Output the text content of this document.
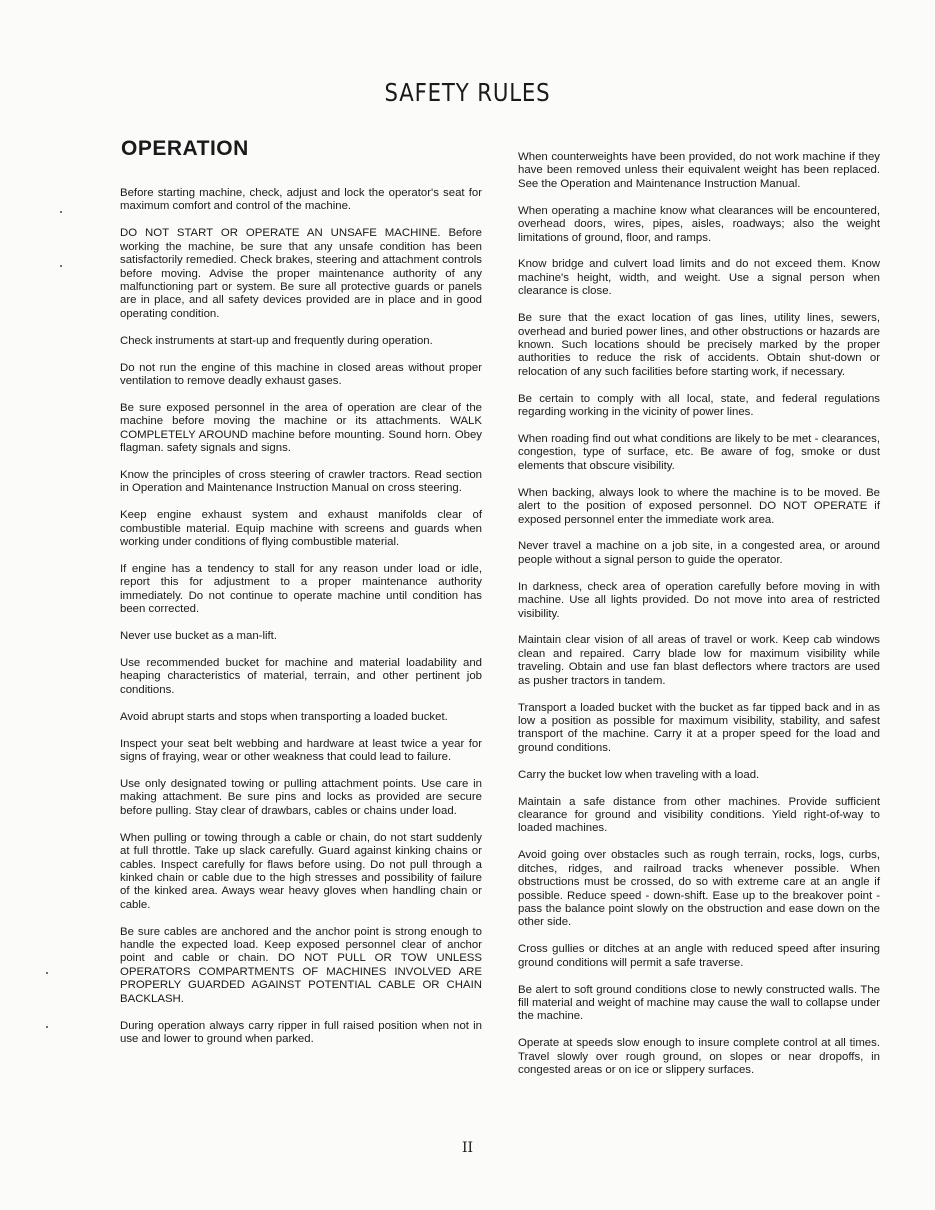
SAFETY RULES
OPERATION

Before starting machine, check, adjust and lock the operator's seat for maximum comfort and control of the machine.

DO NOT START OR OPERATE AN UNSAFE MACHINE. Before working the machine, be sure that any unsafe condition has been satisfactorily remedied. Check brakes, steering and attachment controls before moving. Advise the proper maintenance authority of any malfunctioning part or system. Be sure all protective guards or panels are in place, and all safety devices provided are in place and in good operating condition.

Check instruments at start-up and frequently during operation.

Do not run the engine of this machine in closed areas without proper ventilation to remove deadly exhaust gases.

Be sure exposed personnel in the area of operation are clear of the machine before moving the machine or its attachments. WALK COMPLETELY AROUND machine before mounting. Sound horn. Obey flagman. safety signals and signs.

Know the principles of cross steering of crawler tractors. Read section in Operation and Maintenance Instruction Manual on cross steering.

Keep engine exhaust system and exhaust manifolds clear of combustible material. Equip machine with screens and guards when working under conditions of flying combustible material.

If engine has a tendency to stall for any reason under load or idle, report this for adjustment to a proper maintenance authority immediately. Do not continue to operate machine until condition has been corrected.

Never use bucket as a man-lift.

Use recommended bucket for machine and material loadability and heaping characteristics of material, terrain, and other pertinent job conditions.

Avoid abrupt starts and stops when transporting a loaded bucket.

Inspect your seat belt webbing and hardware at least twice a year for signs of fraying, wear or other weakness that could lead to failure.

Use only designated towing or pulling attachment points. Use care in making attachment. Be sure pins and locks as provided are secure before pulling. Stay clear of drawbars, cables or chains under load.

When pulling or towing through a cable or chain, do not start suddenly at full throttle. Take up slack carefully. Guard against kinking chains or cables. Inspect carefully for flaws before using. Do not pull through a kinked chain or cable due to the high stresses and possibility of failure of the kinked area. Aways wear heavy gloves when handling chain or cable.

Be sure cables are anchored and the anchor point is strong enough to handle the expected load. Keep exposed personnel clear of anchor point and cable or chain. DO NOT PULL OR TOW UNLESS OPERATORS COMPARTMENTS OF MACHINES INVOLVED ARE PROPERLY GUARDED AGAINST POTENTIAL CABLE OR CHAIN BACKLASH.

During operation always carry ripper in full raised position when not in use and lower to ground when parked.

When counterweights have been provided, do not work machine if they have been removed unless their equivalent weight has been replaced. See the Operation and Maintenance Instruction Manual.

When operating a machine know what clearances will be encountered, overhead doors, wires, pipes, aisles, roadways; also the weight limitations of ground, floor, and ramps.

Know bridge and culvert load limits and do not exceed them. Know machine's height, width, and weight. Use a signal person when clearance is close.

Be sure that the exact location of gas lines, utility lines, sewers, overhead and buried power lines, and other obstructions or hazards are known. Such locations should be precisely marked by the proper authorities to reduce the risk of accidents. Obtain shut-down or relocation of any such facilities before starting work, if necessary.

Be certain to comply with all local, state, and federal regulations regarding working in the vicinity of power lines.

When roading find out what conditions are likely to be met - clearances, congestion, type of surface, etc. Be aware of fog, smoke or dust elements that obscure visibility.

When backing, always look to where the machine is to be moved. Be alert to the position of exposed personnel. DO NOT OPERATE if exposed personnel enter the immediate work area.

Never travel a machine on a job site, in a congested area, or around people without a signal person to guide the operator.

In darkness, check area of operation carefully before moving in with machine. Use all lights provided. Do not move into area of restricted visibility.

Maintain clear vision of all areas of travel or work. Keep cab windows clean and repaired. Carry blade low for maximum visibility while traveling. Obtain and use fan blast deflectors where tractors are used as pusher tractors in tandem.

Transport a loaded bucket with the bucket as far tipped back and in as low a position as possible for maximum visibility, stability, and safest transport of the machine. Carry it at a proper speed for the load and ground conditions.

Carry the bucket low when traveling with a load.

Maintain a safe distance from other machines. Provide sufficient clearance for ground and visibility conditions. Yield right-of-way to loaded machines.

Avoid going over obstacles such as rough terrain, rocks, logs, curbs, ditches, ridges, and railroad tracks whenever possible. When obstructions must be crossed, do so with extreme care at an angle if possible. Reduce speed - down-shift. Ease up to the breakover point - pass the balance point slowly on the obstruction and ease down on the other side.

Cross gullies or ditches at an angle with reduced speed after insuring ground conditions will permit a safe traverse.

Be alert to soft ground conditions close to newly constructed walls. The fill material and weight of machine may cause the wall to collapse under the machine.

Operate at speeds slow enough to insure complete control at all times. Travel slowly over rough ground, on slopes or near dropoffs, in congested areas or on ice or slippery surfaces.

II
